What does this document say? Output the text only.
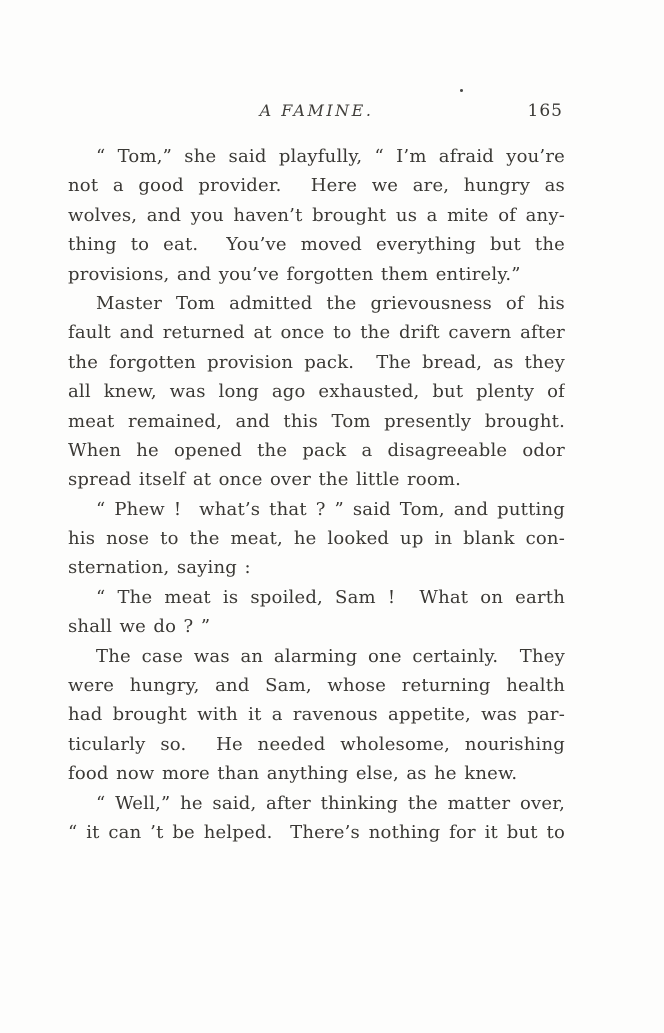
A FAMINE.	165
“ Tom,” she said playfully, “ I’m afraid you’re
not a good provider.  Here we are, hungry as
wolves, and you haven’t brought us a mite of any-
thing to eat.  You’ve moved everything but the
provisions, and you’ve forgotten them entirely.”
Master Tom admitted the grievousness of his
fault and returned at once to the drift cavern after
the forgotten provision pack.  The bread, as they
all knew, was long ago exhausted, but plenty of
meat remained, and this Tom presently brought.
When he opened the pack a disagreeable odor
spread itself at once over the little room.
“ Phew !  what’s that ? ” said Tom, and putting
his nose to the meat, he looked up in blank con-
sternation, saying :
“ The meat is spoiled, Sam !  What on earth
shall we do ? ”
The case was an alarming one certainly.  They
were hungry, and Sam, whose returning health
had brought with it a ravenous appetite, was par-
ticularly so.  He needed wholesome, nourishing
food now more than anything else, as he knew.
“ Well,” he said, after thinking the matter over,
“ it can ’t be helped.  There’s nothing for it but to
